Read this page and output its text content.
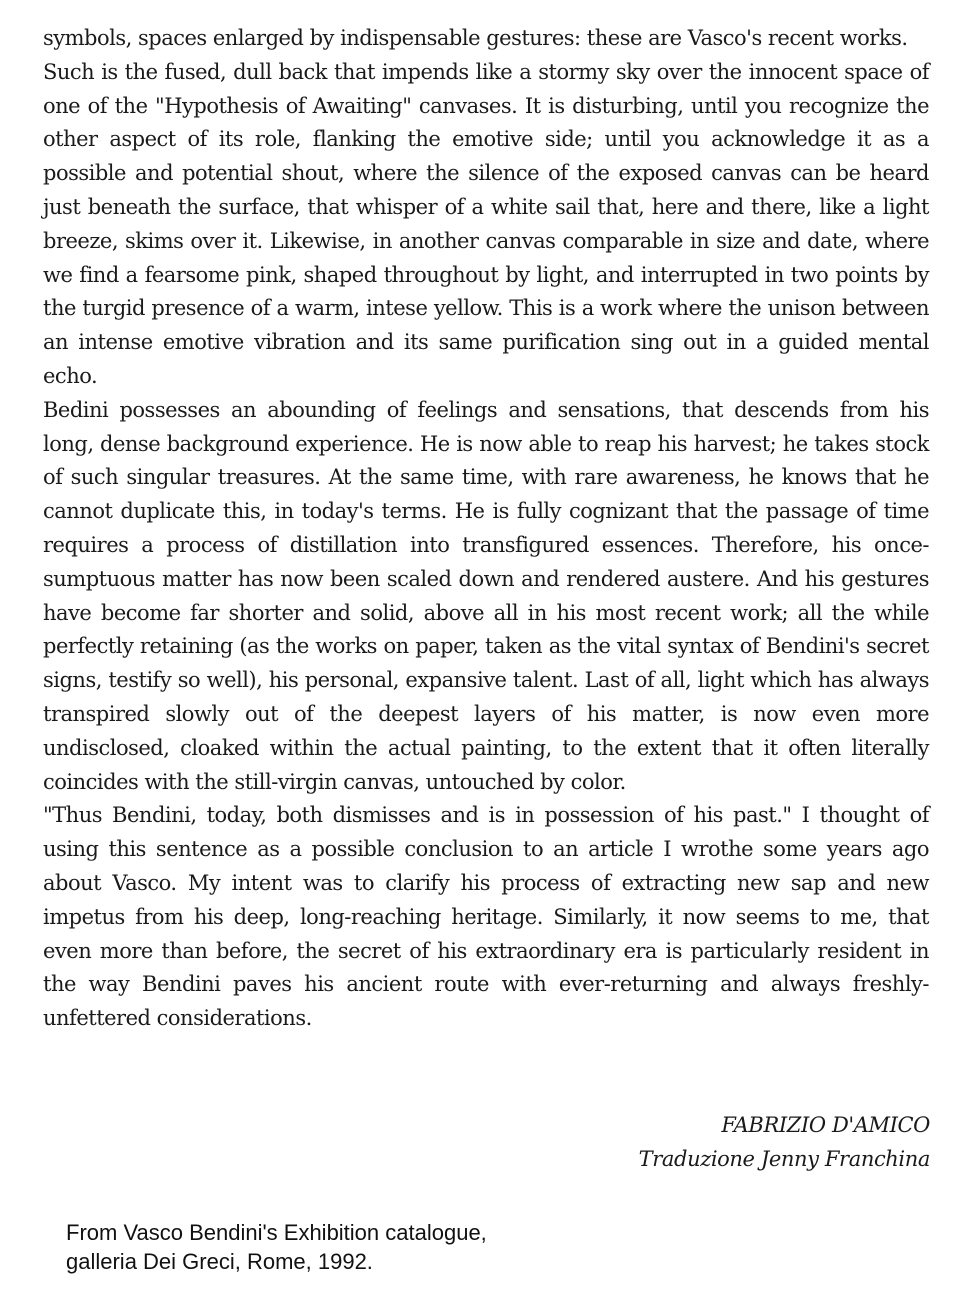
symbols, spaces enlarged by indispensable gestures: these are Vasco's recent works.

Such is the fused, dull back that impends like a stormy sky over the innocent space of one of the "Hypothesis of Awaiting" canvases. It is disturbing, until you recognize the other aspect of its role, flanking the emotive side; until you acknowledge it as a possible and potential shout, where the silence of the exposed canvas can be heard just beneath the surface, that whisper of a white sail that, here and there, like a light breeze, skims over it. Likewise, in another canvas comparable in size and date, where we find a fearsome pink, shaped throughout by light, and interrupted in two points by the turgid presence of a warm, intese yellow. This is a work where the unison between an intense emotive vibration and its same purification sing out in a guided mental echo.

Bedini possesses an abounding of feelings and sensations, that descends from his long, dense background experience. He is now able to reap his harvest; he takes stock of such singular treasures. At the same time, with rare awareness, he knows that he cannot duplicate this, in today's terms. He is fully cognizant that the passage of time requires a process of distillation into transfigured essences. Therefore, his once-sumptuous matter has now been scaled down and rendered austere. And his gestures have become far shorter and solid, above all in his most recent work; all the while perfectly retaining (as the works on paper, taken as the vital syntax of Bendini's secret signs, testify so well), his personal, expansive talent. Last of all, light which has always transpired slowly out of the deepest layers of his matter, is now even more undisclosed, cloaked within the actual painting, to the extent that it often literally coincides with the still-virgin canvas, untouched by color.

"Thus Bendini, today, both dismisses and is in possession of his past." I thought of using this sentence as a possible conclusion to an article I wrothe some years ago about Vasco. My intent was to clarify his process of extracting new sap and new impetus from his deep, long-reaching heritage. Similarly, it now seems to me, that even more than before, the secret of his extraordinary era is particularly resident in the way Bendini paves his ancient route with ever-returning and always freshly-unfettered considerations.

FABRIZIO D'AMICO
Traduzione Jenny Franchina
From Vasco Bendini's Exhibition catalogue,
galleria Dei Greci, Rome, 1992.
